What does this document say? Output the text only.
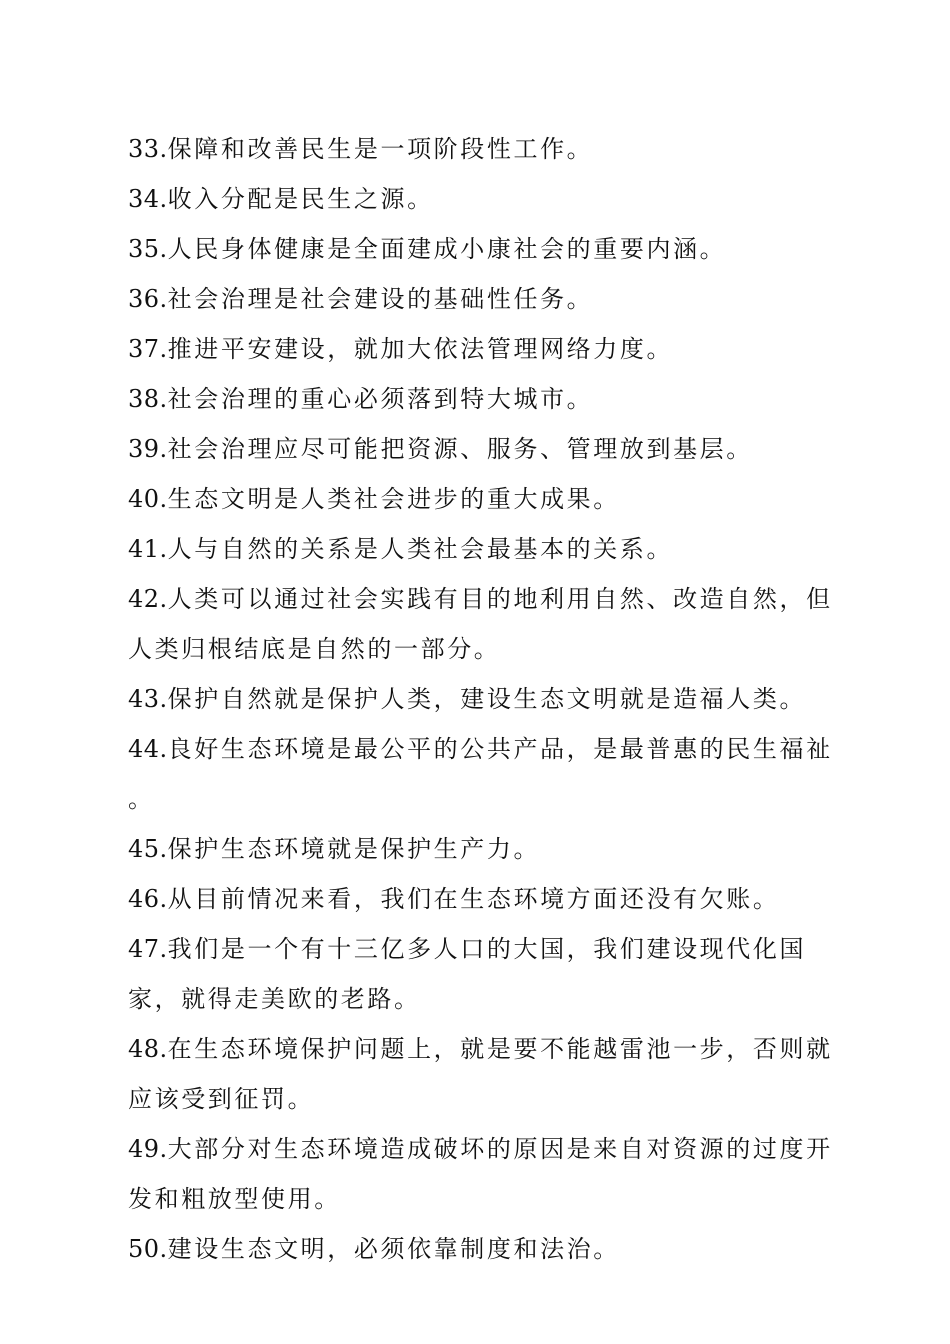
33.保障和改善民生是一项阶段性工作。

34.收入分配是民生之源。

35.人民身体健康是全面建成小康社会的重要内涵。

36.社会治理是社会建设的基础性任务。

37.推进平安建设，就加大依法管理网络力度。

38.社会治理的重心必须落到特大城市。

39.社会治理应尽可能把资源、服务、管理放到基层。

40.生态文明是人类社会进步的重大成果。

41.人与自然的关系是人类社会最基本的关系。

42.人类可以通过社会实践有目的地利用自然、改造自然，但人类归根结底是自然的一部分。

43.保护自然就是保护人类，建设生态文明就是造福人类。

44.良好生态环境是最公平的公共产品，是最普惠的民生福祉 。

45.保护生态环境就是保护生产力。

46.从目前情况来看，我们在生态环境方面还没有欠账。

47.我们是一个有十三亿多人口的大国，我们建设现代化国家，就得走美欧的老路。

48.在生态环境保护问题上，就是要不能越雷池一步，否则就应该受到征罚。

49.大部分对生态环境造成破坏的原因是来自对资源的过度开发和粗放型使用。

50.建设生态文明，必须依靠制度和法治。
